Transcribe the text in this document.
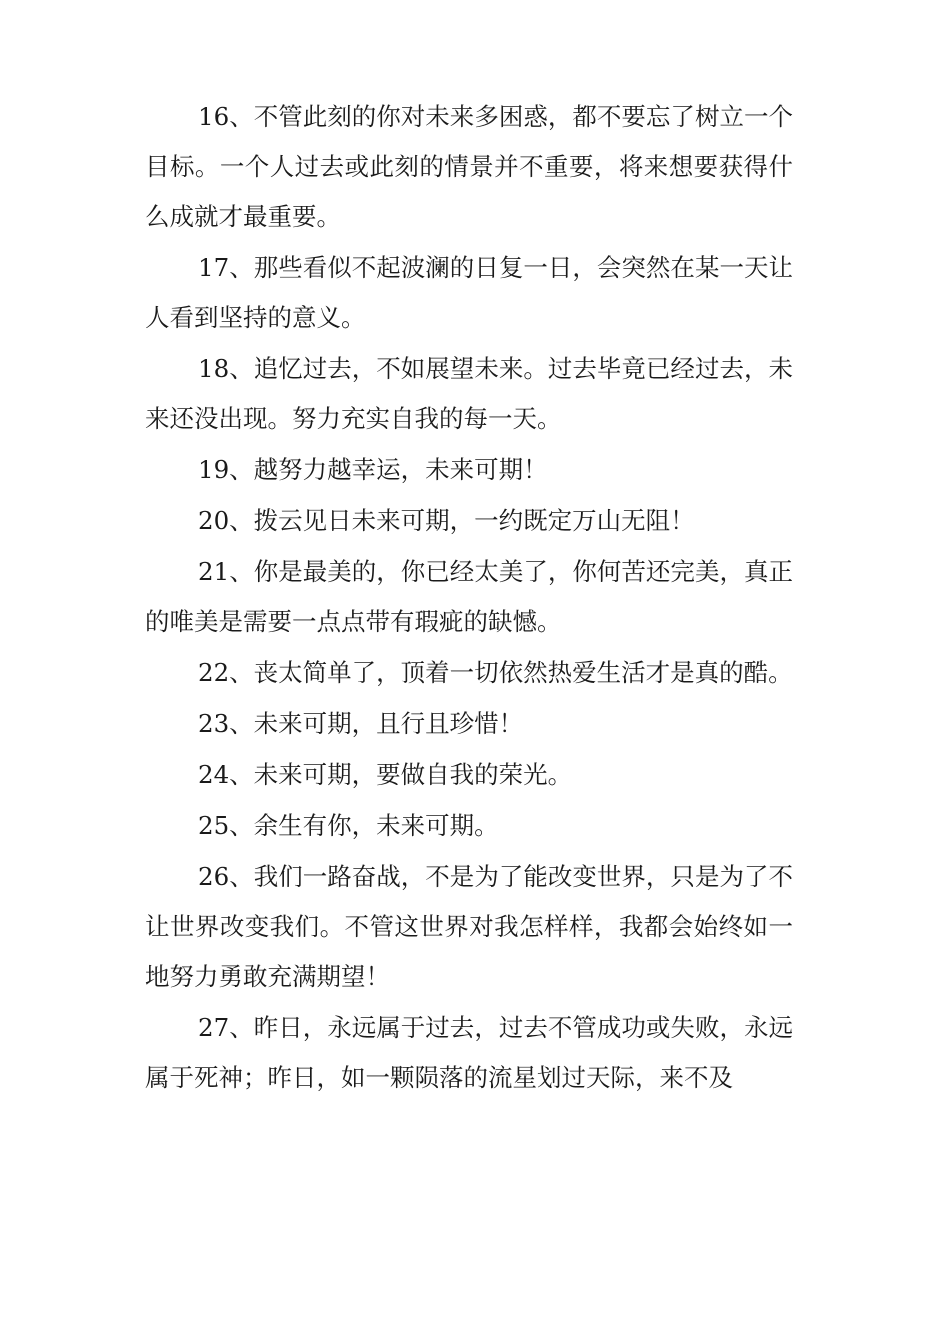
16、不管此刻的你对未来多困惑，都不要忘了树立一个目标。一个人过去或此刻的情景并不重要，将来想要获得什么成就才最重要。

17、那些看似不起波澜的日复一日，会突然在某一天让人看到坚持的意义。

18、追忆过去，不如展望未来。过去毕竟已经过去，未来还没出现。努力充实自我的每一天。

19、越努力越幸运，未来可期！

20、拨云见日未来可期，一约既定万山无阻！

21、你是最美的，你已经太美了，你何苦还完美，真正的唯美是需要一点点带有瑕疵的缺憾。

22、丧太简单了，顶着一切依然热爱生活才是真的酷。

23、未来可期，且行且珍惜！

24、未来可期，要做自我的荣光。

25、余生有你，未来可期。

26、我们一路奋战，不是为了能改变世界，只是为了不让世界改变我们。不管这世界对我怎样样，我都会始终如一地努力勇敢充满期望！

27、昨日，永远属于过去，过去不管成功或失败，永远属于死神；昨日，如一颗陨落的流星划过天际，来不及
